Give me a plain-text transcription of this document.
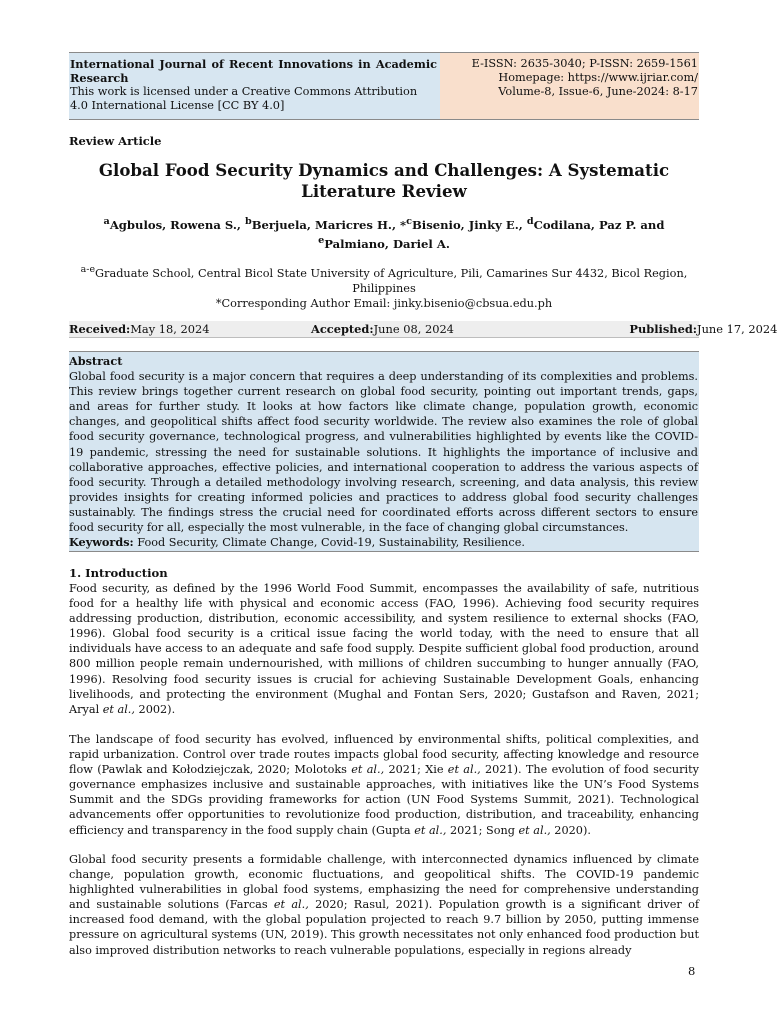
International Journal of Recent Innovations in Academic Research
This work is licensed under a Creative Commons Attribution 4.0 International License [CC BY 4.0]
E-ISSN: 2635-3040; P-ISSN: 2659-1561
Homepage: https://www.ijriar.com/
Volume-8, Issue-6, June-2024: 8-17
Review Article
Global Food Security Dynamics and Challenges: A Systematic Literature Review
$^a$Agbulos, Rowena S., $^b$Berjuela, Maricres H., *$^c$Bisenio, Jinky E., $^d$Codilana, Paz P. and $^e$Palmiano, Dariel A.
$^{a-e}$Graduate School, Central Bicol State University of Agriculture, Pili, Camarines Sur 4432, Bicol Region, Philippines
*Corresponding Author Email: jinky.bisenio@cbsua.edu.ph
Received: May 18, 2024	Accepted: June 08, 2024	Published: June 17, 2024
Abstract
Global food security is a major concern that requires a deep understanding of its complexities and problems. This review brings together current research on global food security, pointing out important trends, gaps, and areas for further study. It looks at how factors like climate change, population growth, economic changes, and geopolitical shifts affect food security worldwide. The review also examines the role of global food security governance, technological progress, and vulnerabilities highlighted by events like the COVID-19 pandemic, stressing the need for sustainable solutions. It highlights the importance of inclusive and collaborative approaches, effective policies, and international cooperation to address the various aspects of food security. Through a detailed methodology involving research, screening, and data analysis, this review provides insights for creating informed policies and practices to address global food security challenges sustainably. The findings stress the crucial need for coordinated efforts across different sectors to ensure food security for all, especially the most vulnerable, in the face of changing global circumstances.
Keywords: Food Security, Climate Change, Covid-19, Sustainability, Resilience.
1. Introduction
Food security, as defined by the 1996 World Food Summit, encompasses the availability of safe, nutritious food for a healthy life with physical and economic access (FAO, 1996). Achieving food security requires addressing production, distribution, economic accessibility, and system resilience to external shocks (FAO, 1996). Global food security is a critical issue facing the world today, with the need to ensure that all individuals have access to an adequate and safe food supply. Despite sufficient global food production, around 800 million people remain undernourished, with millions of children succumbing to hunger annually (FAO, 1996). Resolving food security issues is crucial for achieving Sustainable Development Goals, enhancing livelihoods, and protecting the environment (Mughal and Fontan Sers, 2020; Gustafson and Raven, 2021; Aryal et al., 2002).
The landscape of food security has evolved, influenced by environmental shifts, political complexities, and rapid urbanization. Control over trade routes impacts global food security, affecting knowledge and resource flow (Pawlak and Kołodziejczak, 2020; Molotoks et al., 2021; Xie et al., 2021). The evolution of food security governance emphasizes inclusive and sustainable approaches, with initiatives like the UN’s Food Systems Summit and the SDGs providing frameworks for action (UN Food Systems Summit, 2021). Technological advancements offer opportunities to revolutionize food production, distribution, and traceability, enhancing efficiency and transparency in the food supply chain (Gupta et al., 2021; Song et al., 2020).
Global food security presents a formidable challenge, with interconnected dynamics influenced by climate change, population growth, economic fluctuations, and geopolitical shifts. The COVID-19 pandemic highlighted vulnerabilities in global food systems, emphasizing the need for comprehensive understanding and sustainable solutions (Farcas et al., 2020; Rasul, 2021). Population growth is a significant driver of increased food demand, with the global population projected to reach 9.7 billion by 2050, putting immense pressure on agricultural systems (UN, 2019). This growth necessitates not only enhanced food production but also improved distribution networks to reach vulnerable populations, especially in regions already
8
